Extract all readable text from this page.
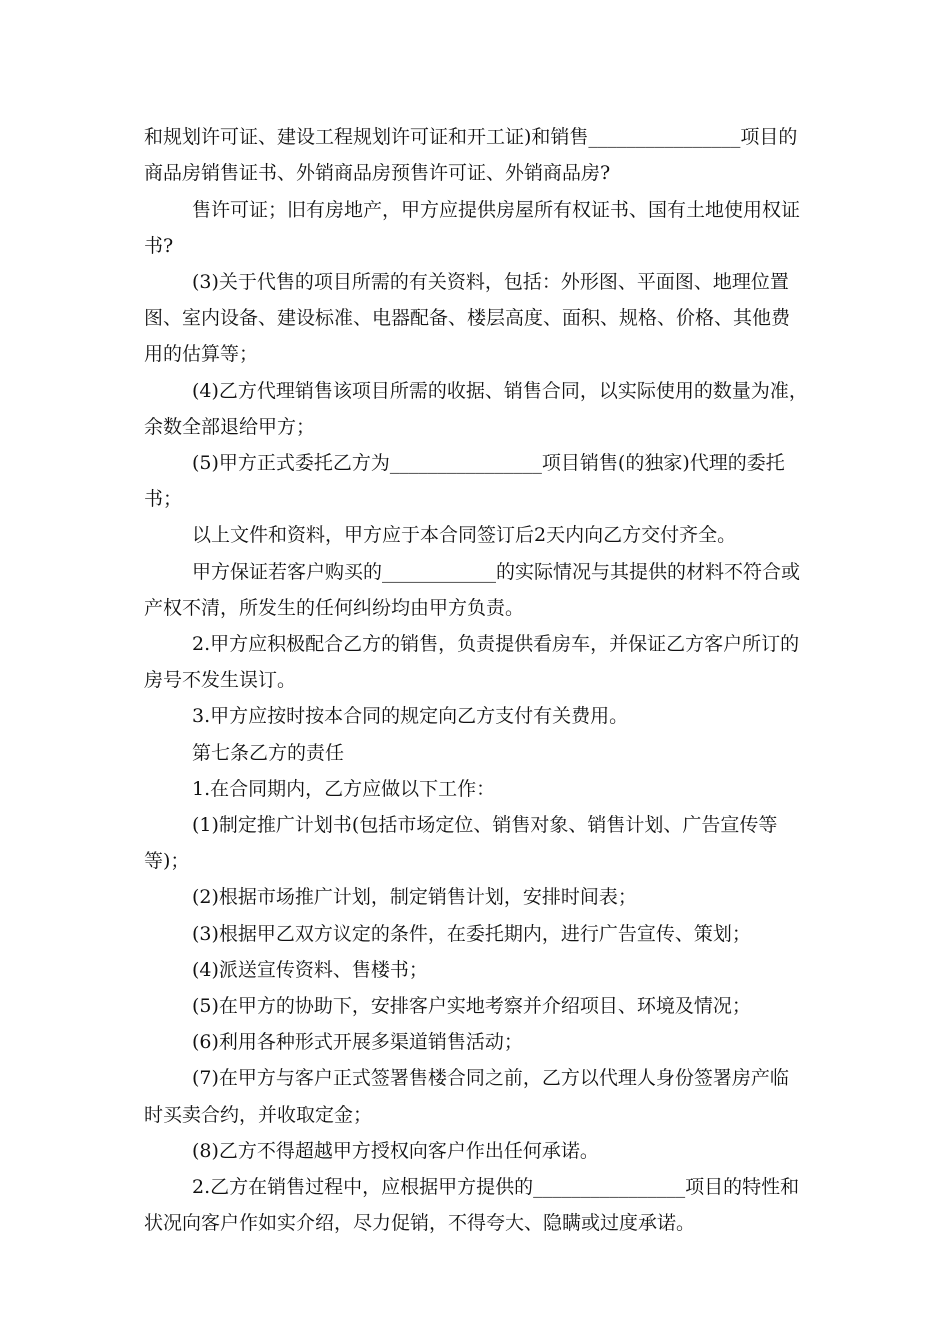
和规划许可证、建设工程规划许可证和开工证)和销售________________项目的
商品房销售证书、外销商品房预售许可证、外销商品房?
售许可证；旧有房地产，甲方应提供房屋所有权证书、国有土地使用权证
书?
(3)关于代售的项目所需的有关资料，包括：外形图、平面图、地理位置
图、室内设备、建设标准、电器配备、楼层高度、面积、规格、价格、其他费
用的估算等；
(4)乙方代理销售该项目所需的收据、销售合同，以实际使用的数量为准，
余数全部退给甲方；
(5)甲方正式委托乙方为________________项目销售(的独家)代理的委托
书；
以上文件和资料，甲方应于本合同签订后2天内向乙方交付齐全。
甲方保证若客户购买的____________的实际情况与其提供的材料不符合或
产权不清，所发生的任何纠纷均由甲方负责。
2.甲方应积极配合乙方的销售，负责提供看房车，并保证乙方客户所订的
房号不发生误订。
3.甲方应按时按本合同的规定向乙方支付有关费用。
第七条乙方的责任
1.在合同期内，乙方应做以下工作：
(1)制定推广计划书(包括市场定位、销售对象、销售计划、广告宣传等
等)；
(2)根据市场推广计划，制定销售计划，安排时间表；
(3)根据甲乙双方议定的条件，在委托期内，进行广告宣传、策划；
(4)派送宣传资料、售楼书；
(5)在甲方的协助下，安排客户实地考察并介绍项目、环境及情况；
(6)利用各种形式开展多渠道销售活动；
(7)在甲方与客户正式签署售楼合同之前，乙方以代理人身份签署房产临
时买卖合约，并收取定金；
(8)乙方不得超越甲方授权向客户作出任何承诺。
2.乙方在销售过程中，应根据甲方提供的________________项目的特性和
状况向客户作如实介绍，尽力促销，不得夸大、隐瞒或过度承诺。
